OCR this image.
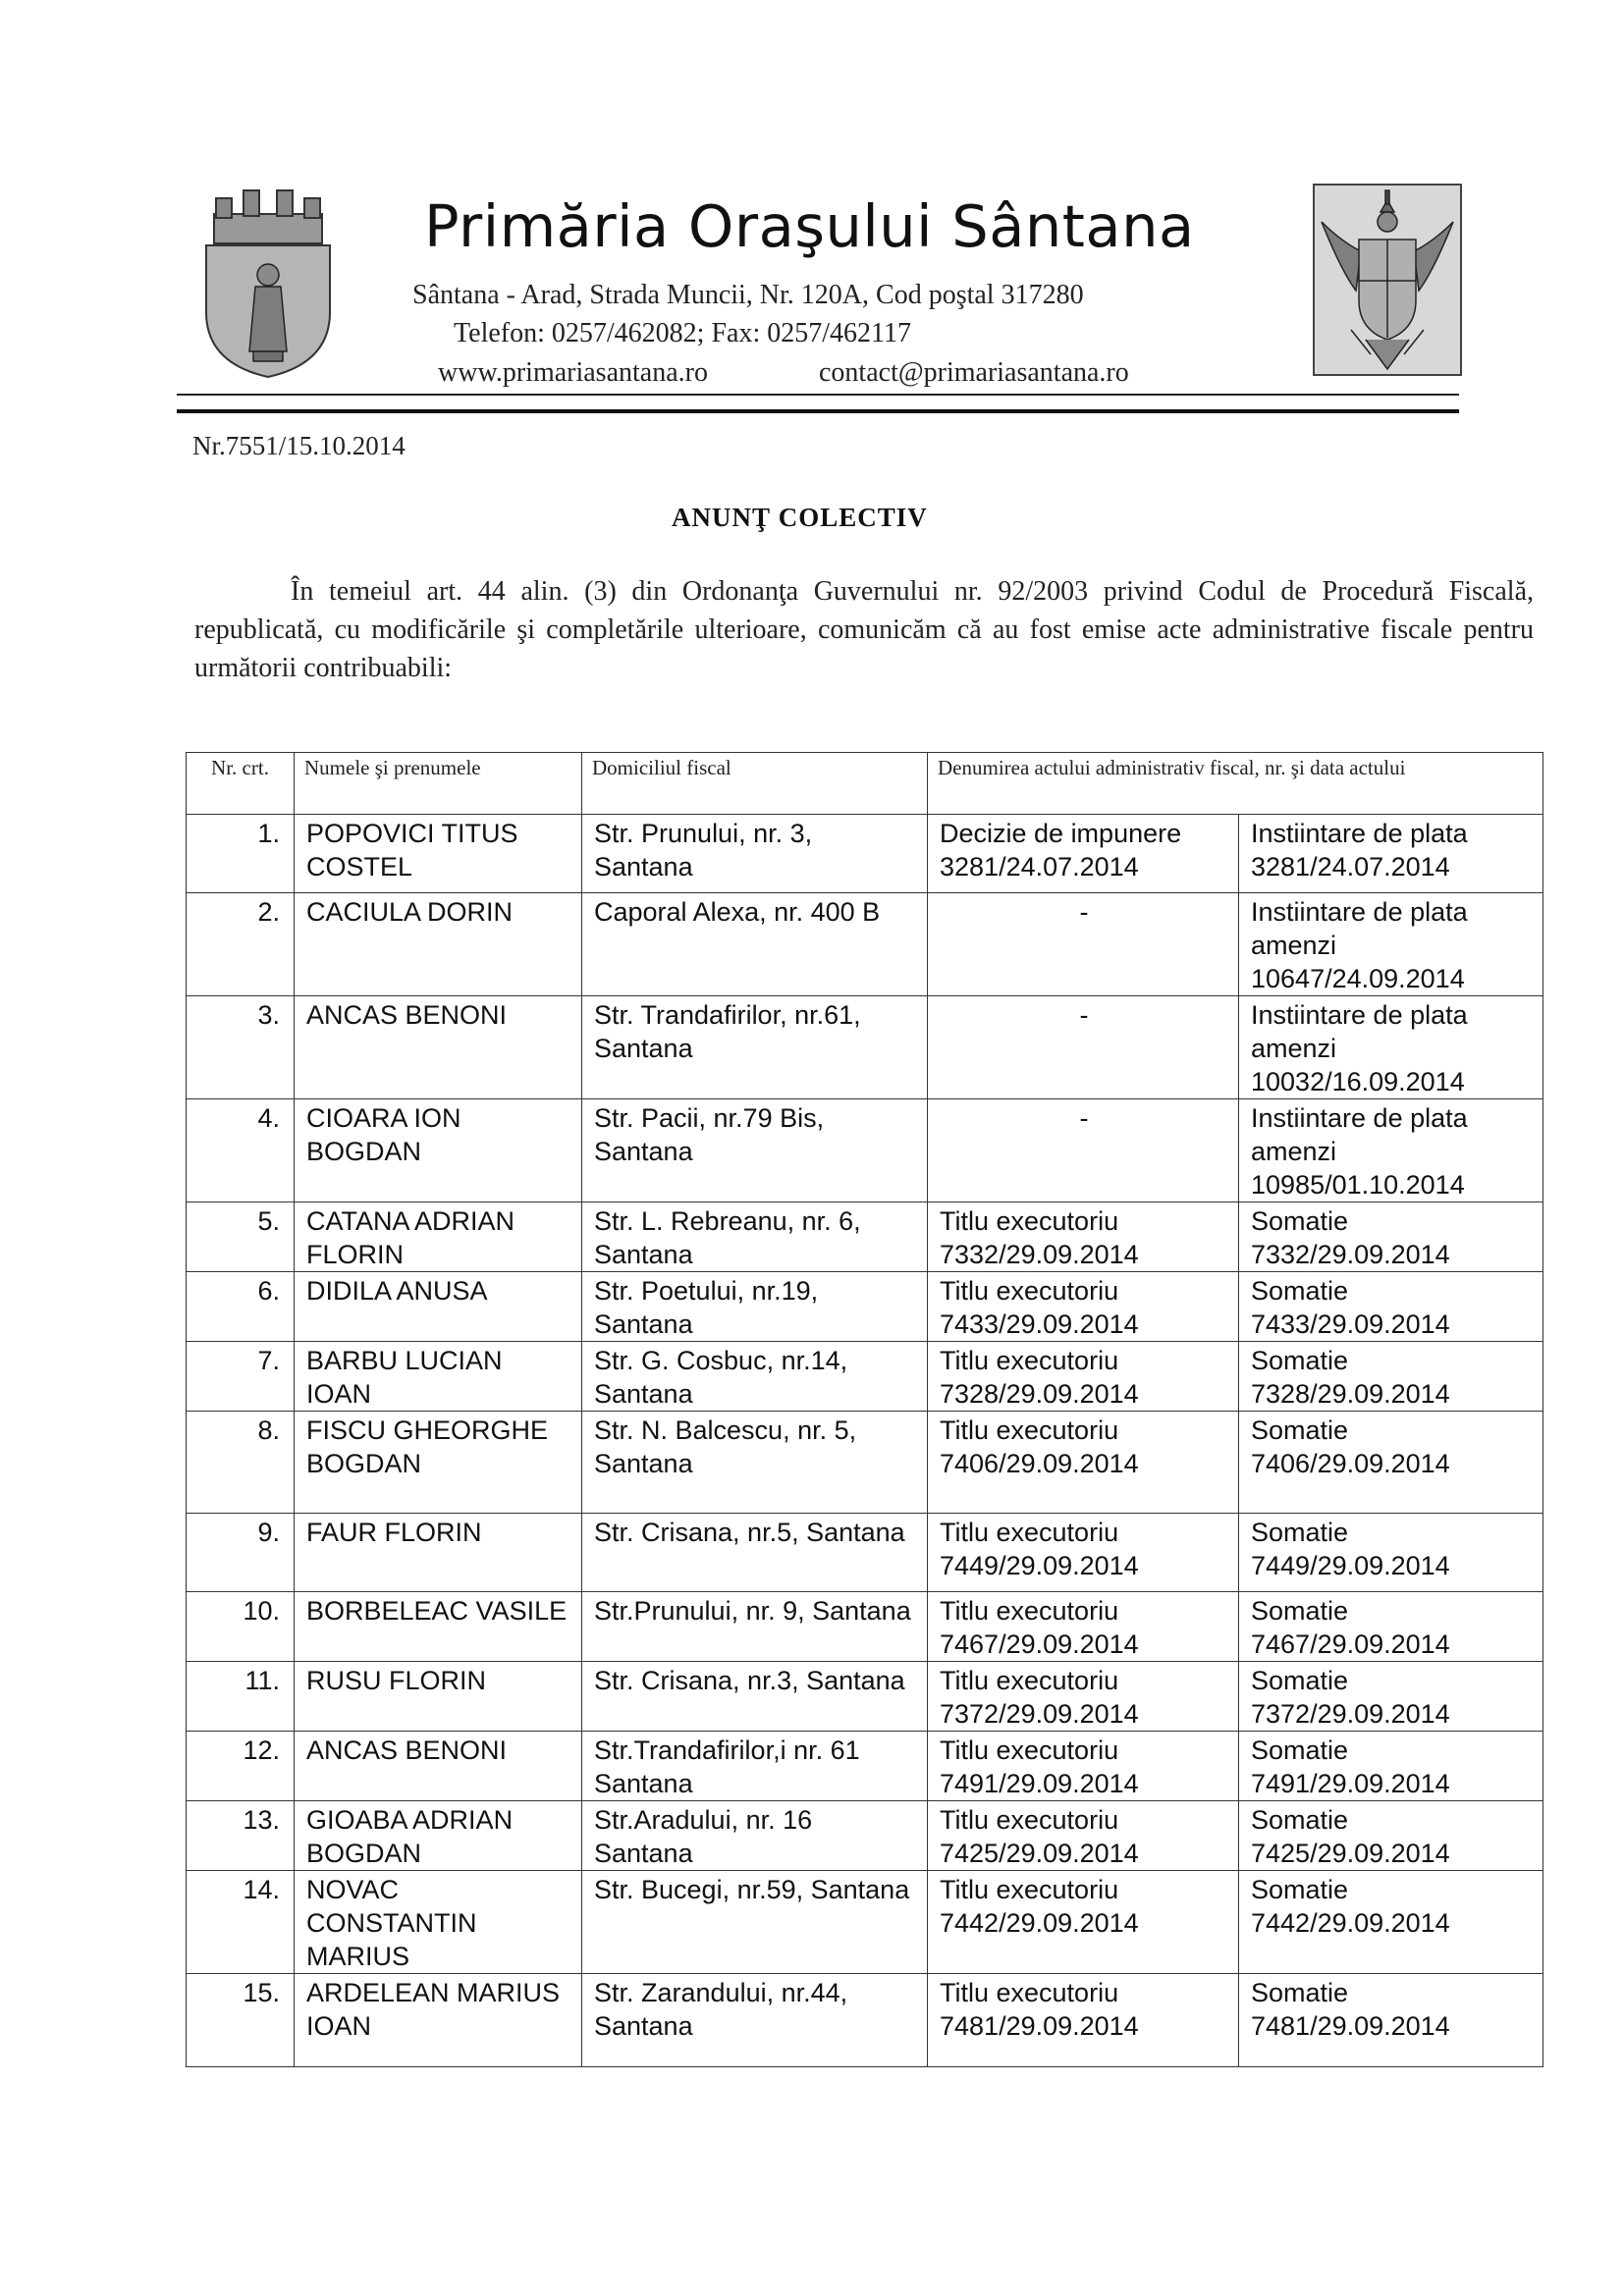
Primăria Oraşului Sântana
Sântana - Arad, Strada Muncii, Nr. 120A, Cod poştal 317280
Telefon: 0257/462082; Fax: 0257/462117
www.primariasantana.ro	contact@primariasantana.ro
Nr.7551/15.10.2014
ANUNŢ COLECTIV
În temeiul art. 44 alin. (3) din Ordonanţa Guvernului nr. 92/2003 privind Codul de Procedură Fiscală, republicată, cu modificările şi completările ulterioare, comunicăm că au fost emise acte administrative fiscale pentru următorii contribuabili:
Nr. crt.	Numele şi prenumele	Domiciliul fiscal	Denumirea actului administrativ fiscal, nr. şi data actului	
1.	POPOVICI TITUS COSTEL	Str. Prunului, nr. 3, Santana	Decizie de impunere 3281/24.07.2014	Instiintare de plata 3281/24.07.2014
2.	CACIULA DORIN	Caporal Alexa, nr. 400 B	-	Instiintare de plata amenzi 10647/24.09.2014
3.	ANCAS BENONI	Str. Trandafirilor, nr.61, Santana	-	Instiintare de plata amenzi 10032/16.09.2014
4.	CIOARA ION BOGDAN	Str. Pacii, nr.79 Bis, Santana	-	Instiintare de plata amenzi 10985/01.10.2014
5.	CATANA ADRIAN FLORIN	Str. L. Rebreanu, nr. 6, Santana	Titlu executoriu 7332/29.09.2014	Somatie 7332/29.09.2014
6.	DIDILA ANUSA	Str. Poetului, nr.19, Santana	Titlu executoriu 7433/29.09.2014	Somatie 7433/29.09.2014
7.	BARBU LUCIAN IOAN	Str. G. Cosbuc, nr.14, Santana	Titlu executoriu 7328/29.09.2014	Somatie 7328/29.09.2014
8.	FISCU GHEORGHE BOGDAN	Str. N. Balcescu, nr. 5, Santana	Titlu executoriu 7406/29.09.2014	Somatie 7406/29.09.2014
9.	FAUR FLORIN	Str. Crisana, nr.5, Santana	Titlu executoriu 7449/29.09.2014	Somatie 7449/29.09.2014
10.	BORBELEAC VASILE	Str.Prunului, nr. 9, Santana	Titlu executoriu 7467/29.09.2014	Somatie 7467/29.09.2014
11.	RUSU FLORIN	Str. Crisana, nr.3, Santana	Titlu executoriu 7372/29.09.2014	Somatie 7372/29.09.2014
12.	ANCAS BENONI	Str.Trandafirilor,i nr. 61 Santana	Titlu executoriu 7491/29.09.2014	Somatie 7491/29.09.2014
13.	GIOABA ADRIAN BOGDAN	Str.Aradului, nr. 16 Santana	Titlu executoriu 7425/29.09.2014	Somatie 7425/29.09.2014
14.	NOVAC CONSTANTIN MARIUS	Str. Bucegi, nr.59, Santana	Titlu executoriu 7442/29.09.2014	Somatie 7442/29.09.2014
15.	ARDELEAN MARIUS IOAN	Str. Zarandului, nr.44, Santana	Titlu executoriu 7481/29.09.2014	Somatie 7481/29.09.2014
